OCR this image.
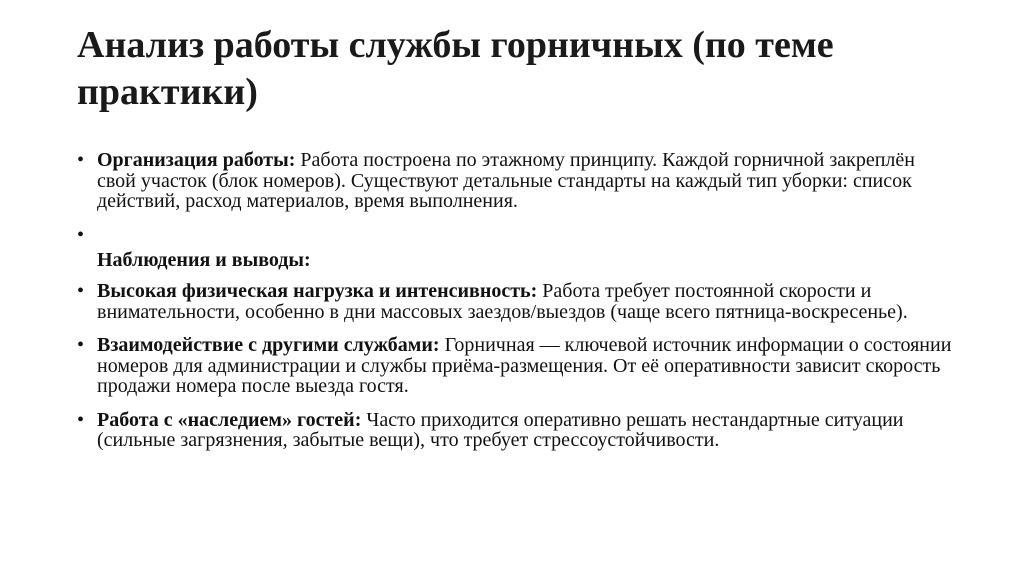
Анализ работы службы горничных (по теме практики)
•
Организация работы: Работа построена по этажному принципу. Каждой горничной закреплён свой участок (блок номеров). Существуют детальные стандарты на каждый тип уборки: список действий, расход материалов, время выполнения.
•
Наблюдения и выводы:
•
Высокая физическая нагрузка и интенсивность: Работа требует постоянной скорости и внимательности, особенно в дни массовых заездов/выездов (чаще всего пятница-воскресенье).
•
Взаимодействие с другими службами: Горничная — ключевой источник информации о состоянии номеров для администрации и службы приёма-размещения. От её оперативности зависит скорость продажи номера после выезда гостя.
•
Работа с «наследием» гостей: Часто приходится оперативно решать нестандартные ситуации (сильные загрязнения, забытые вещи), что требует стрессоустойчивости.
